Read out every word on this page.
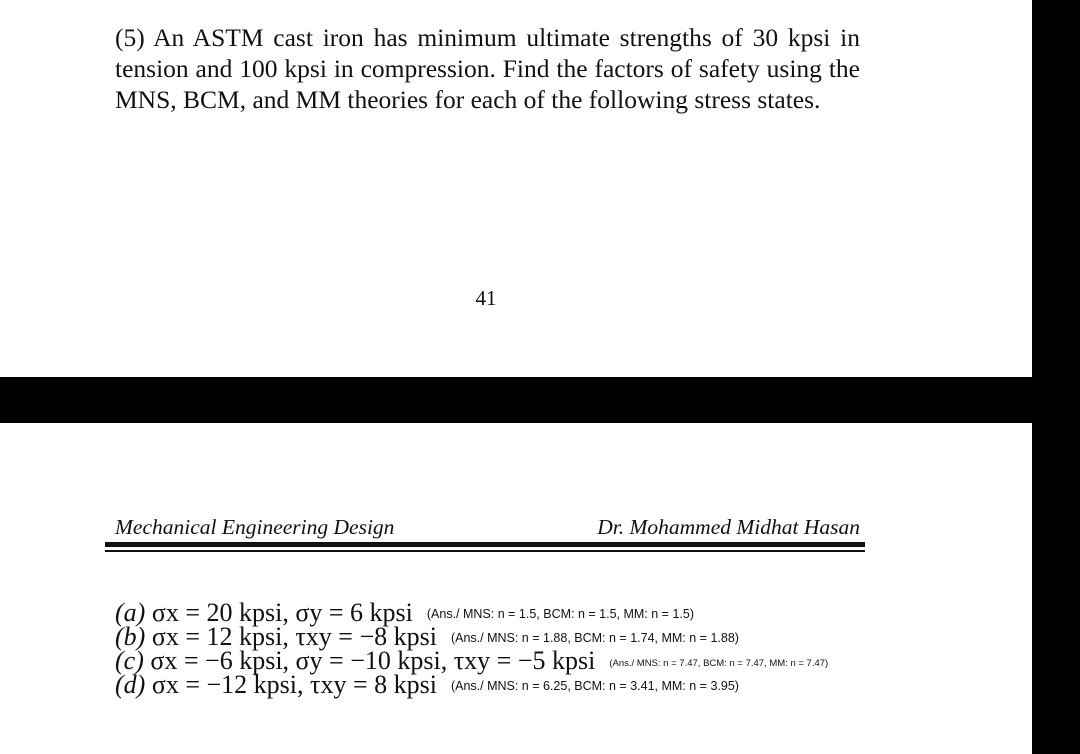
(5) An ASTM cast iron has minimum ultimate strengths of 30 kpsi in tension and 100 kpsi in compression. Find the factors of safety using the MNS, BCM, and MM theories for each of the following stress states.

41
Mechanical Engineering Design	Dr. Mohammed Midhat Hasan
(a) σx = 20 kpsi, σy = 6 kpsi (Ans./ MNS: n = 1.5, BCM: n = 1.5, MM: n = 1.5)
(b) σx = 12 kpsi, τxy = −8 kpsi (Ans./ MNS: n = 1.88, BCM: n = 1.74, MM: n = 1.88)
(c) σx = −6 kpsi, σy = −10 kpsi, τxy = −5 kpsi (Ans./ MNS: n = 7.47, BCM: n = 7.47, MM: n = 7.47)
(d) σx = −12 kpsi, τxy = 8 kpsi (Ans./ MNS: n = 6.25, BCM: n = 3.41, MM: n = 3.95)
